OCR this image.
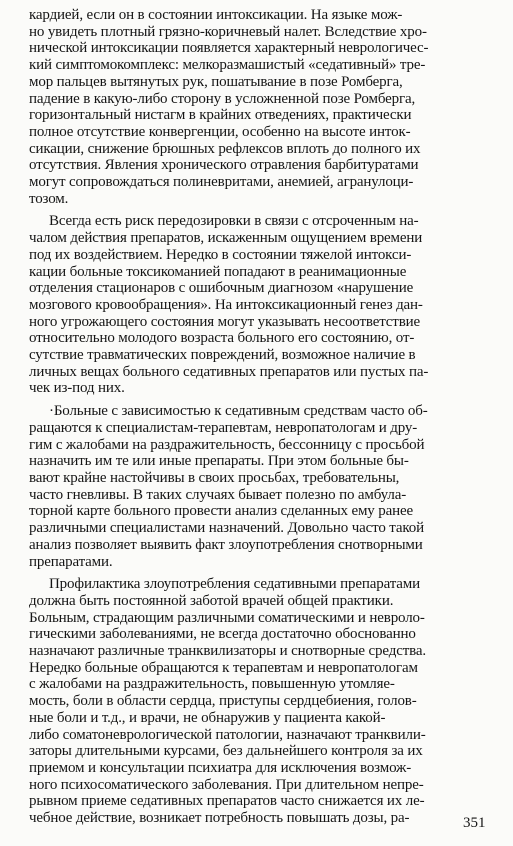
кардией, если он в состоянии интоксикации. На языке мож-
но увидеть плотный грязно-коричневый налет. Вследствие хро-
нической интоксикации появляется характерный неврологичес-
кий симптомокомплекс: мелкоразмашистый «седативный» тре-
мор пальцев вытянутых рук, пошатывание в позе Ромберга,
падение в какую-либо сторону в усложненной позе Ромберга,
горизонтальный нистагм в крайних отведениях, практически
полное отсутствие конвергенции, особенно на высоте инток-
сикации, снижение брюшных рефлексов вплоть до полного их
отсутствия. Явления хронического отравления барбитуратами
могут сопровождаться полиневритами, анемией, агранулоци-
тозом.
Всегда есть риск передозировки в связи с отсроченным на-
чалом действия препаратов, искаженным ощущением времени
под их воздействием. Нередко в состоянии тяжелой интокси-
кации больные токсикоманией попадают в реанимационные
отделения стационаров с ошибочным диагнозом «нарушение
мозгового кровообращения». На интоксикационный генез дан-
ного угрожающего состояния могут указывать несоответствие
относительно молодого возраста больного его состоянию, от-
сутствие травматических повреждений, возможное наличие в
личных вещах больного седативных препаратов или пустых па-
чек из-под них.
·Больные с зависимостью к седативным средствам часто об-
ращаются к специалистам-терапевтам, невропатологам и дру-
гим с жалобами на раздражительность, бессонницу с просьбой
назначить им те или иные препараты. При этом больные бы-
вают крайне настойчивы в своих просьбах, требовательны,
часто гневливы. В таких случаях бывает полезно по амбула-
торной карте больного провести анализ сделанных ему ранее
различными специалистами назначений. Довольно часто такой
анализ позволяет выявить факт злоупотребления снотворными
препаратами.
Профилактика злоупотребления седативными препаратами
должна быть постоянной заботой врачей общей практики.
Больным, страдающим различными соматическими и невроло-
гическими заболеваниями, не всегда достаточно обоснованно
назначают различные транквилизаторы и снотворные средства.
Нередко больные обращаются к терапевтам и невропатологам
с жалобами на раздражительность, повышенную утомляе-
мость, боли в области сердца, приступы сердцебиения, голов-
ные боли и т.д., и врачи, не обнаружив у пациента какой-
либо соматоневрологической патологии, назначают транквили-
заторы длительными курсами, без дальнейшего контроля за их
приемом и консультации психиатра для исключения возмож-
ного психосоматического заболевания. При длительном непре-
рывном приеме седативных препаратов часто снижается их ле-
чебное действие, возникает потребность повышать дозы, ра-	351
